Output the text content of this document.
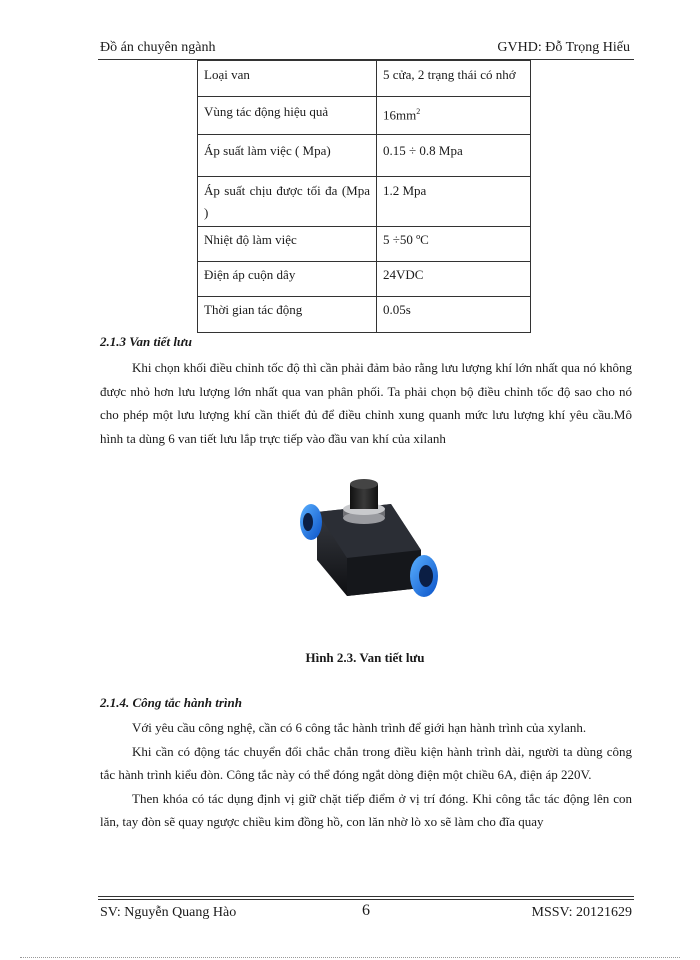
Đồ án chuyên ngành	GVHD: Đỗ Trọng Hiếu
Loại van	5 cửa, 2 trạng thái có nhớ
Vùng tác động hiệu quả	$16mm^2$
Áp suất làm việc ( Mpa)	0.15 ÷ 0.8 Mpa
Áp suất chịu được tối đa (Mpa )	1.2 Mpa
Nhiệt độ làm việc	5 ÷50 ºC
Điện áp cuộn dây	24VDC
Thời gian tác động	0.05s
2.1.3 Van tiết lưu

Khi chọn khối điều chỉnh tốc độ thì cần phải đảm bảo rằng lưu lượng khí lớn nhất qua nó không được nhỏ hơn lưu lượng lớn nhất qua van phân phối. Ta phải chọn bộ điều chỉnh tốc độ sao cho nó cho phép một lưu lượng khí cần thiết đủ để điều chỉnh xung quanh mức lưu lượng khí yêu cầu.Mô hình ta dùng 6 van tiết lưu lắp trực tiếp vào đầu van khí của xilanh

Hình 2.3. Van tiết lưu
2.1.4. Công tắc hành trình

Với yêu cầu công nghệ, cần có 6 công tắc hành trình để giới hạn hành trình của xylanh.

Khi cần có động tác chuyển đổi chắc chắn trong điều kiện hành trình dài, người ta dùng công tắc hành trình kiểu đòn. Công tắc này có thể đóng ngắt dòng điện một chiều 6A, điện áp 220V.

Then khóa có tác dụng định vị giữ chặt tiếp điểm ở vị trí đóng. Khi công tắc tác động lên con lăn, tay đòn sẽ quay ngược chiều kim đồng hồ, con lăn nhờ lò xo sẽ làm cho đĩa quay

SV: Nguyễn Quang Hào	6	MSSV: 20121629
